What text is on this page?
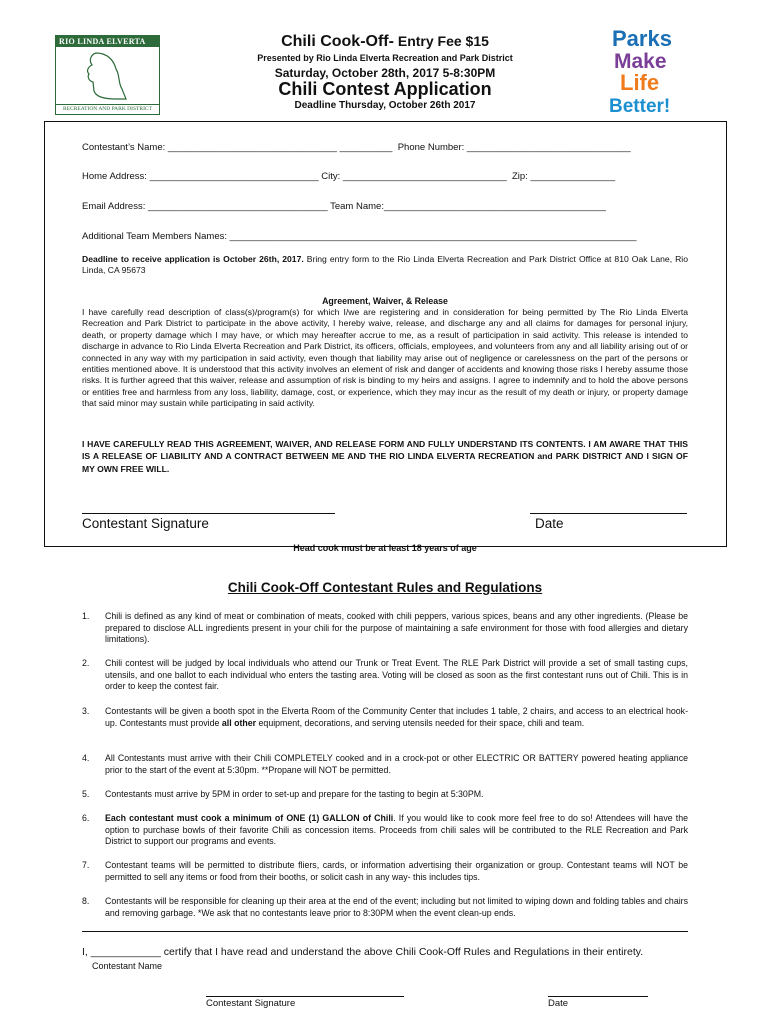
RIO LINDA ELVERTA
RECREATION AND PARK DISTRICT
Parks
Make
Life
Better!
Chili Cook-Off- Entry Fee $15
Presented by Rio Linda Elverta Recreation and Park District
Saturday, October 28th, 2017 5-8:30PM
Chili Contest Application
Deadline Thursday, October 26th 2017
Contestant’s Name: ________________________________ __________  Phone Number: _______________________________
Home Address: ________________________________ City: _______________________________  Zip: ________________
Email Address: __________________________________ Team Name:__________________________________________
Additional Team Members Names: _____________________________________________________________________________
Deadline to receive application is October 26th, 2017. Bring entry form to the Rio Linda Elverta Recreation and Park District Office at 810 Oak Lane, Rio Linda, CA 95673
Agreement, Waiver, & Release
I have carefully read description of class(s)/program(s) for which I/we are registering and in consideration for being permitted by The Rio Linda Elverta Recreation and Park District to participate in the above activity, I hereby waive, release, and discharge any and all claims for damages for personal injury, death, or property damage which I may have, or which may hereafter accrue to me, as a result of participation in said activity. This release is intended to discharge in advance to Rio Linda Elverta Recreation and Park District, its officers, officials, employees, and volunteers from any and all liability arising out of or connected in any way with my participation in said activity, even though that liability may arise out of negligence or carelessness on the part of the persons or entities mentioned above. It is understood that this activity involves an element of risk and danger of accidents and knowing those risks I hereby assume those risks. It is further agreed that this waiver, release and assumption of risk is binding to my heirs and assigns. I agree to indemnify and to hold the above persons or entities free and harmless from any loss, liability, damage, cost, or experience, which they may incur as the result of my death or injury, or property damage that said minor may sustain while participating in said activity.
I HAVE CAREFULLY READ THIS AGREEMENT, WAIVER, AND RELEASE FORM AND FULLY UNDERSTAND ITS CONTENTS. I AM AWARE THAT THIS IS A RELEASE OF LIABILITY AND A CONTRACT BETWEEN ME AND THE RIO LINDA ELVERTA RECREATION and PARK DISTRICT AND I SIGN OF MY OWN FREE WILL.
Contestant Signature	Date
Head cook must be at least 18 years of age
Chili Cook-Off Contestant Rules and Regulations
1. Chili is defined as any kind of meat or combination of meats, cooked with chili peppers, various spices, beans and any other ingredients. (Please be prepared to disclose ALL ingredients present in your chili for the purpose of maintaining a safe environment for those with food allergies and dietary limitations).
2. Chili contest will be judged by local individuals who attend our Trunk or Treat Event. The RLE Park District will provide a set of small tasting cups, utensils, and one ballot to each individual who enters the tasting area. Voting will be closed as soon as the first contestant runs out of Chili. This is in order to keep the contest fair.
3. Contestants will be given a booth spot in the Elverta Room of the Community Center that includes 1 table, 2 chairs, and access to an electrical hook-up. Contestants must provide all other equipment, decorations, and serving utensils needed for their space, chili and team.
4. All Contestants must arrive with their Chili COMPLETELY cooked and in a crock-pot or other ELECTRIC OR BATTERY powered heating appliance prior to the start of the event at 5:30pm. **Propane will NOT be permitted.
5. Contestants must arrive by 5PM in order to set-up and prepare for the tasting to begin at 5:30PM.
6. Each contestant must cook a minimum of ONE (1) GALLON of Chili. If you would like to cook more feel free to do so! Attendees will have the option to purchase bowls of their favorite Chili as concession items. Proceeds from chili sales will be contributed to the RLE Recreation and Park District to support our programs and events.
7. Contestant teams will be permitted to distribute fliers, cards, or information advertising their organization or group. Contestant teams will NOT be permitted to sell any items or food from their booths, or solicit cash in any way- this includes tips.
8. Contestants will be responsible for cleaning up their area at the end of the event; including but not limited to wiping down and folding tables and chairs and removing garbage. *We ask that no contestants leave prior to 8:30PM when the event clean-up ends.
I, ____________ certify that I have read and understand the above Chili Cook-Off Rules and Regulations in their entirety.
Contestant Name
Contestant Signature	Date
